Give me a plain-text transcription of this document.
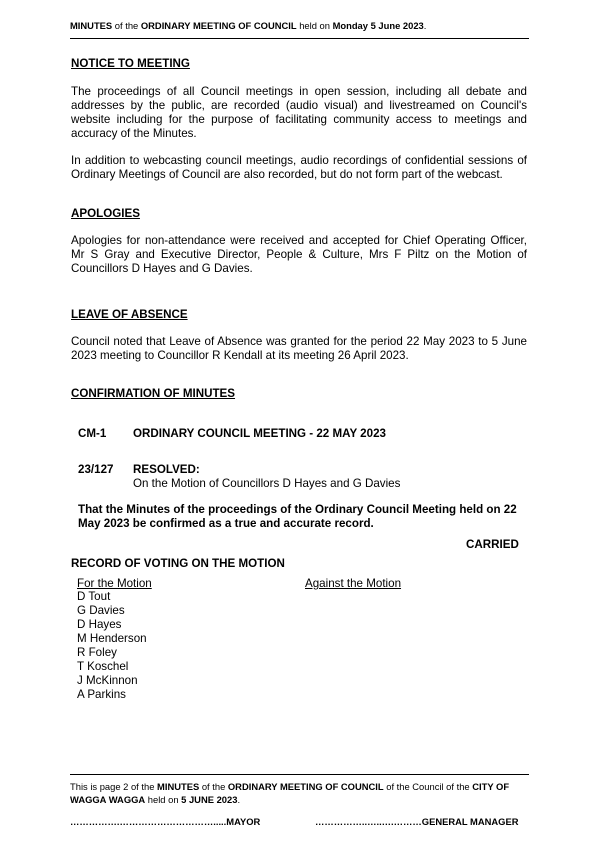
MINUTES of the ORDINARY MEETING OF COUNCIL held on Monday 5 June 2023.
NOTICE TO MEETING
The proceedings of all Council meetings in open session, including all debate and addresses by the public, are recorded (audio visual) and livestreamed on Council's website including for the purpose of facilitating community access to meetings and accuracy of the Minutes.
In addition to webcasting council meetings, audio recordings of confidential sessions of Ordinary Meetings of Council are also recorded, but do not form part of the webcast.
APOLOGIES
Apologies for non-attendance were received and accepted for Chief Operating Officer, Mr S Gray and Executive Director, People & Culture, Mrs F Piltz on the Motion of Councillors D Hayes and G Davies.
LEAVE OF ABSENCE
Council noted that Leave of Absence was granted for the period 22 May 2023 to 5 June 2023 meeting to Councillor R Kendall at its meeting 26 April 2023.
CONFIRMATION OF MINUTES
CM-1 ORDINARY COUNCIL MEETING - 22 MAY 2023
23/127 RESOLVED:
On the Motion of Councillors D Hayes and G Davies
That the Minutes of the proceedings of the Ordinary Council Meeting held on 22 May 2023 be confirmed as a true and accurate record.
CARRIED
RECORD OF VOTING ON THE MOTION
For the Motion	Against the Motion
D Tout
G Davies
D Hayes
M Henderson
R Foley
T Koschel
J McKinnon
A Parkins
This is page 2 of the MINUTES of the ORDINARY MEETING OF COUNCIL of the Council of the CITY OF WAGGA WAGGA held on 5 JUNE 2023.
…………….………………………….....MAYOR	……………..…..….………GENERAL MANAGER
